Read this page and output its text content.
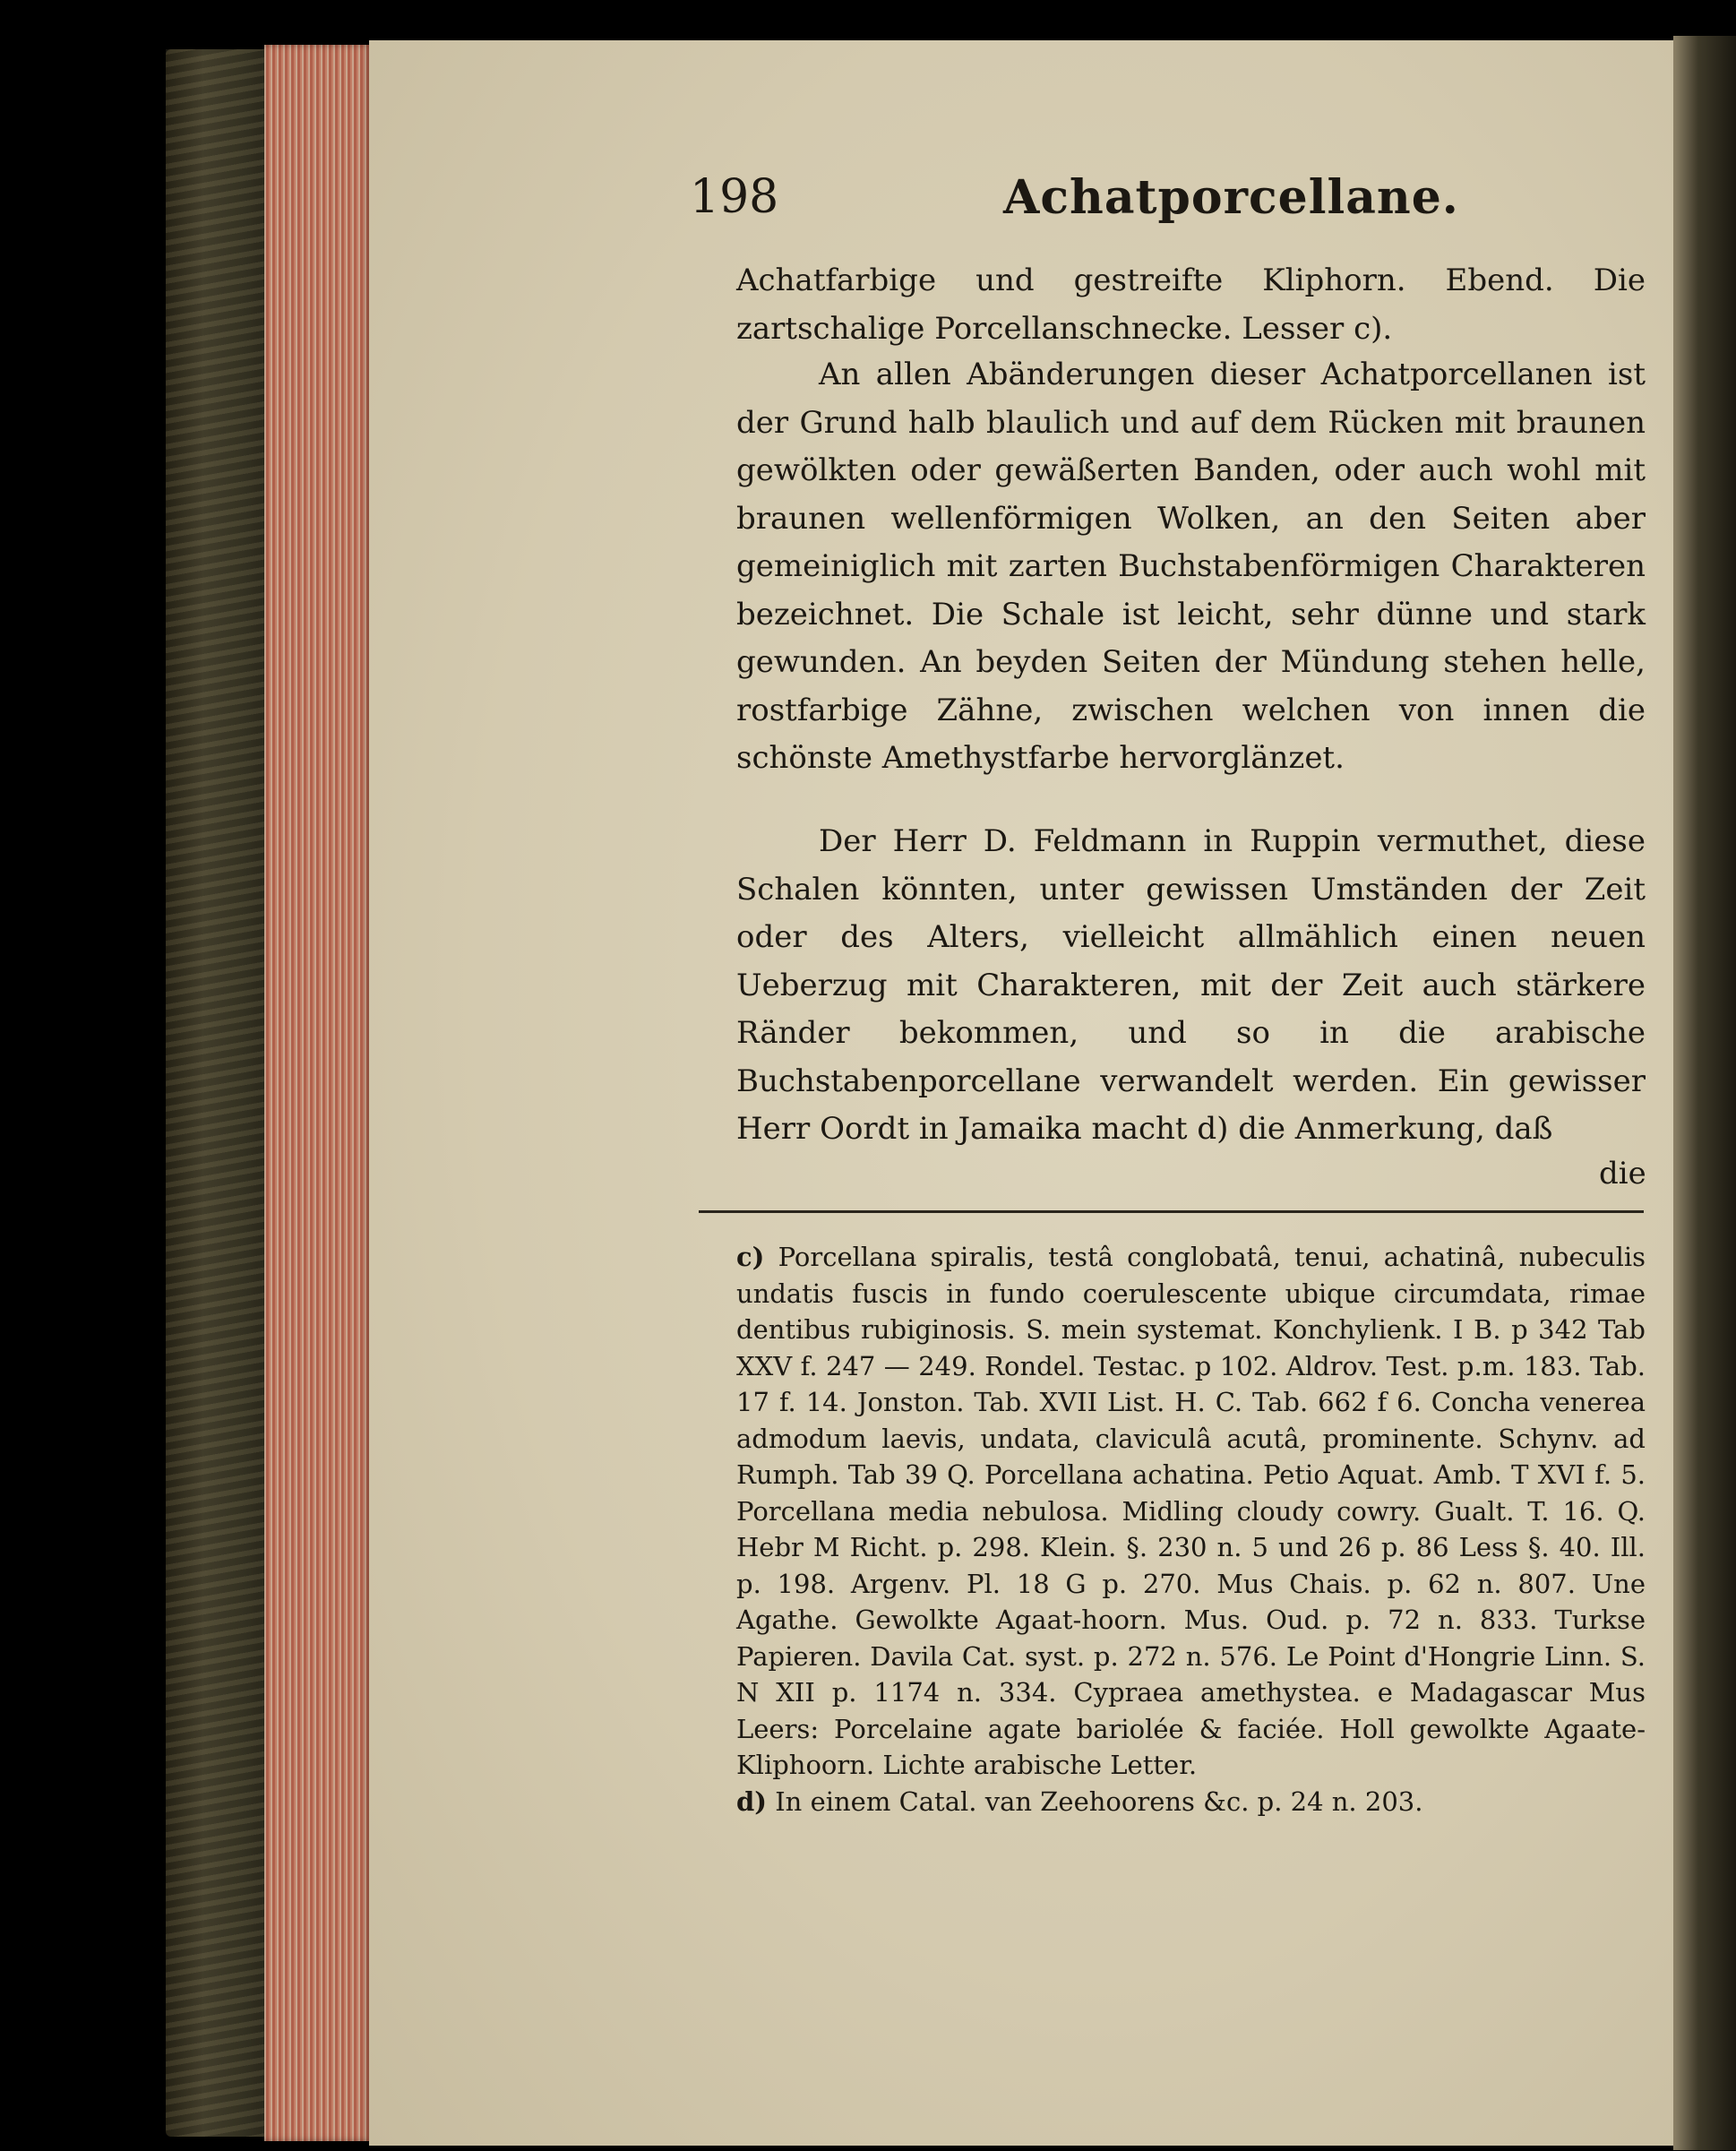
198	Achatporcellane.

Achatfarbige und gestreifte Kliphorn. Ebend. Die zartschalige Porcellanschnecke. Lesser c).

An allen Abänderungen dieser Achatporcellanen ist der Grund halb blaulich und auf dem Rücken mit braunen gewölkten oder gewäßerten Banden, oder auch wohl mit braunen wellenförmigen Wolken, an den Seiten aber gemeiniglich mit zarten Buchstabenförmigen Charakteren bezeichnet. Die Schale ist leicht, sehr dünne und stark gewunden. An beyden Seiten der Mündung stehen helle, rostfarbige Zähne, zwischen welchen von innen die schönste Amethystfarbe hervorglänzet.

Der Herr D. Feldmann in Ruppin vermuthet, diese Schalen könnten, unter gewissen Umständen der Zeit oder des Alters, vielleicht allmählich einen neuen Ueberzug mit Charakteren, mit der Zeit auch stärkere Ränder bekommen, und so in die arabische Buchstabenporcellane verwandelt werden. Ein gewisser Herr Oordt in Jamaika macht d) die Anmerkung, daß

die

c) Porcellana spiralis, testâ conglobatâ, tenui, achatinâ, nubeculis undatis fuscis in fundo coerulescente ubique circumdata, rimae dentibus rubiginosis. S. mein systemat. Konchylienk. I B. p 342 Tab XXV f. 247 — 249. Rondel. Testac. p 102. Aldrov. Test. p.m. 183. Tab. 17 f. 14. Jonston. Tab. XVII List. H. C. Tab. 662 f 6. Concha venerea admodum laevis, undata, claviculâ acutâ, prominente. Schynv. ad Rumph. Tab 39 Q. Porcellana achatina. Petio Aquat. Amb. T XVI f. 5. Porcellana media nebulosa. Midling cloudy cowry. Gualt. T. 16. Q. Hebr M Richt. p. 298. Klein. §. 230 n. 5 und 26 p. 86 Less §. 40. Ill. p. 198. Argenv. Pl. 18 G p. 270. Mus Chais. p. 62 n. 807. Une Agathe. Gewolkte Agaat-hoorn. Mus. Oud. p. 72 n. 833. Turkse Papieren. Davila Cat. syst. p. 272 n. 576. Le Point d'Hongrie Linn. S. N XII p. 1174 n. 334. Cypraea amethystea. e Madagascar Mus Leers: Porcelaine agate bariolée & faciée. Holl gewolkte Agaate-Kliphoorn. Lichte arabische Letter.

d) In einem Catal. van Zeehoorens &c. p. 24 n. 203.
